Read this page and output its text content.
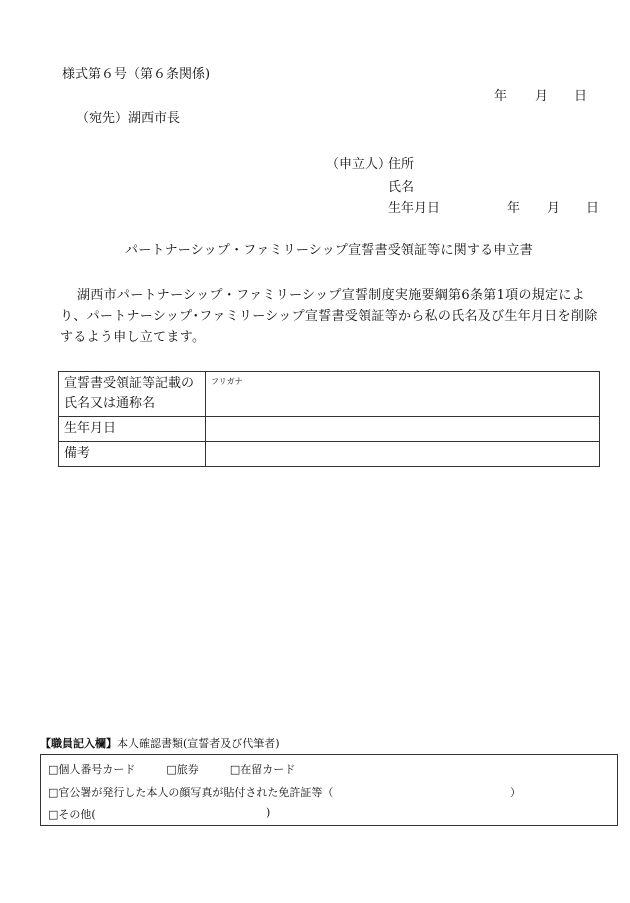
様式第６号（第６条関係)
年 月 日
（宛先）湖西市長
（申立人）
住所
氏名
生年月日	年 月 日
パートナーシップ・ファミリーシップ宣誓書受領証等に関する申立書
湖西市パートナーシップ・ファミリーシップ宣誓制度実施要綱第6条第1項の規定により、パートナーシップ･ファミリーシップ宣誓書受領証等から私の氏名及び生年月日を削除するよう申し立てます。
宣誓書受領証等記載の
氏名又は通称名	フリガナ

生年月日	
備考	
【職員記入欄】本人確認書類(宣誓者及び代筆者)
□個人番号カード	□旅券	□在留カード
□官公署が発行した本人の顔写真が貼付された免許証等（	）
□その他(	)
